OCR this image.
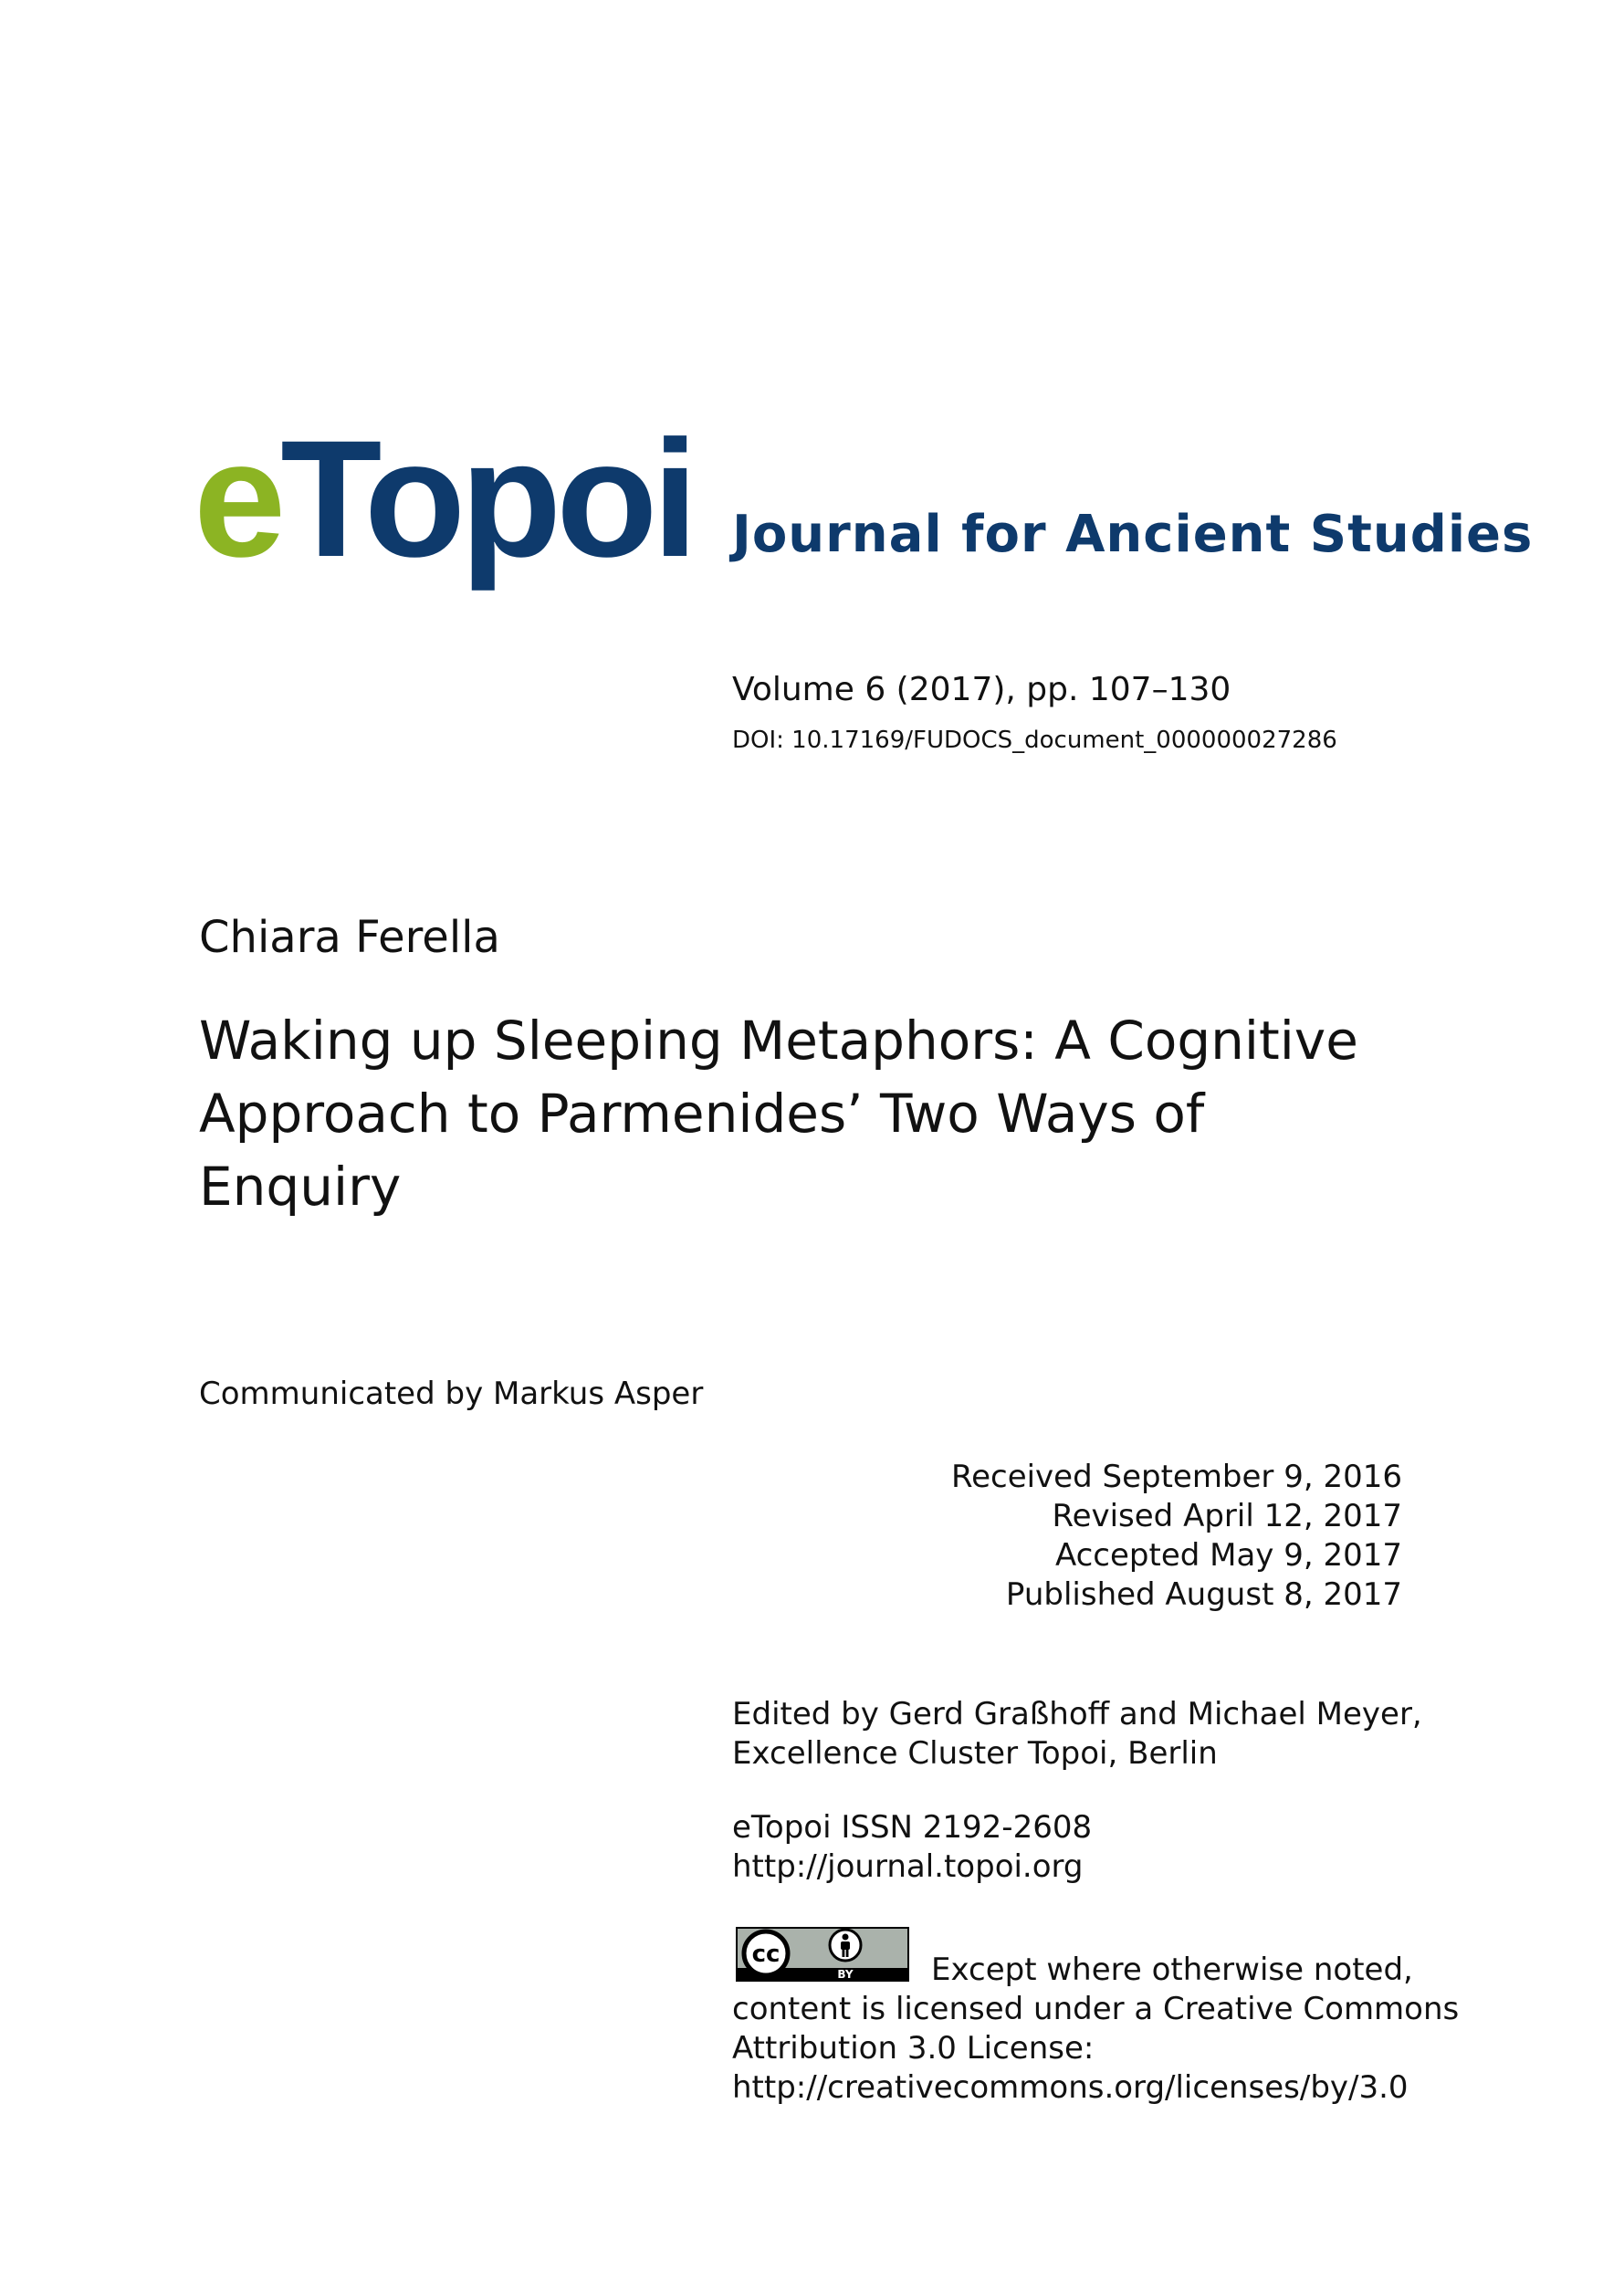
eTopoi Journal for Ancient Studies
Volume 6 (2017), pp. 107–130
DOI: 10.17169/FUDOCS_document_000000027286
Chiara Ferella
Waking up Sleeping Metaphors: A Cognitive
Approach to Parmenides’ Two Ways of
Enquiry
Communicated by Markus Asper
Received September 9, 2016
Revised April 12, 2017
Accepted May 9, 2017
Published August 8, 2017
Edited by Gerd Graßhoff and Michael Meyer,
Excellence Cluster Topoi, Berlin
eTopoi ISSN 2192-2608
http://journal.topoi.org
cc
BY	Except where otherwise noted,
content is licensed under a Creative Commons
Attribution 3.0 License:
http://creativecommons.org/licenses/by/3.0
